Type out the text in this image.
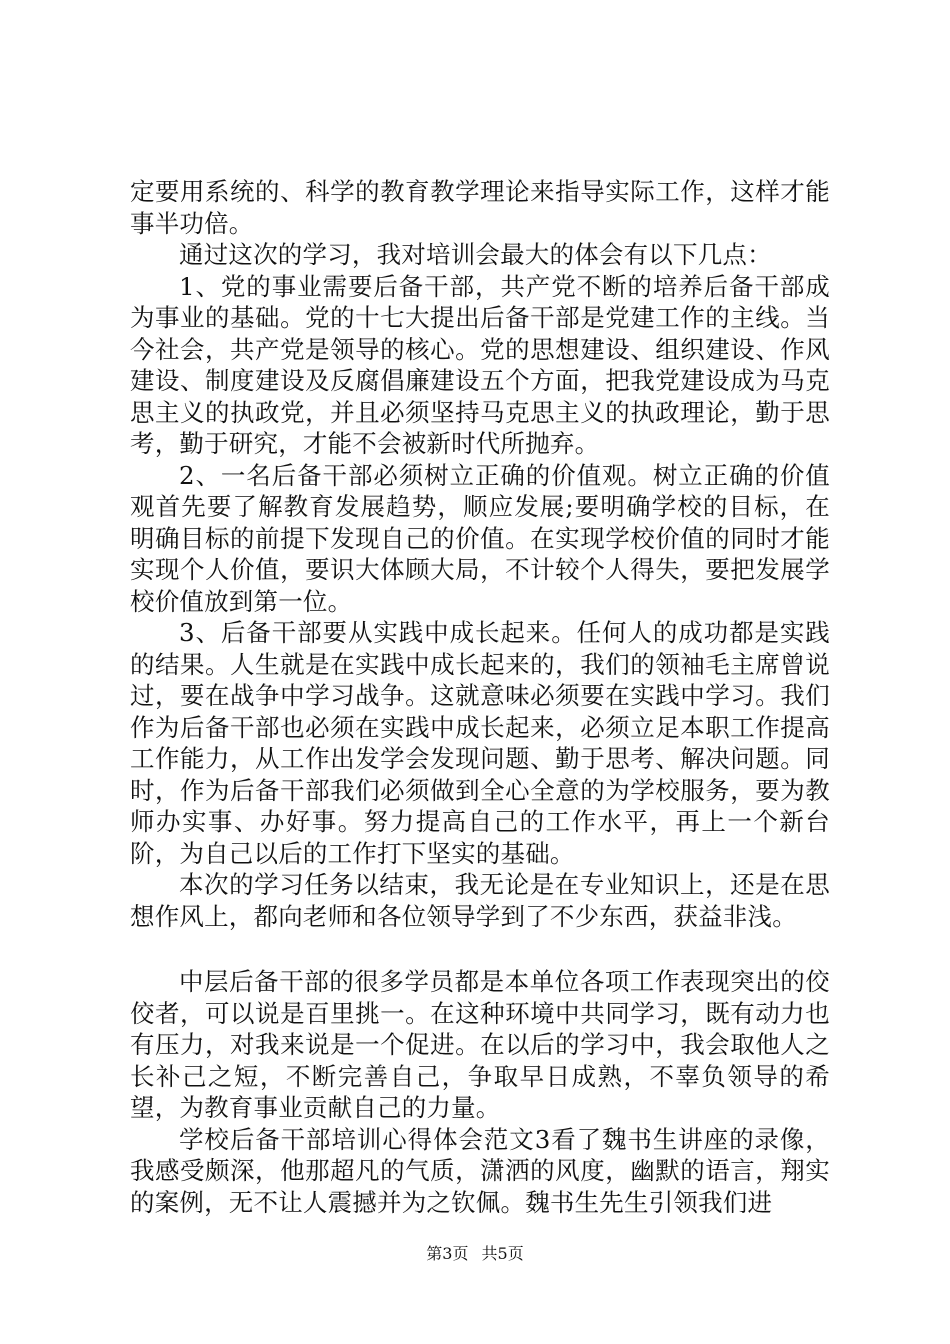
定要用系统的、科学的教育教学理论来指导实际工作，这样才能事半功倍。

通过这次的学习，我对培训会最大的体会有以下几点：

1、党的事业需要后备干部，共产党不断的培养后备干部成为事业的基础。党的十七大提出后备干部是党建工作的主线。当今社会，共产党是领导的核心。党的思想建设、组织建设、作风建设、制度建设及反腐倡廉建设五个方面，把我党建设成为马克思主义的执政党，并且必须坚持马克思主义的执政理论，勤于思考，勤于研究，才能不会被新时代所抛弃。

2、一名后备干部必须树立正确的价值观。树立正确的价值观首先要了解教育发展趋势，顺应发展;要明确学校的目标，在明确目标的前提下发现自己的价值。在实现学校价值的同时才能实现个人价值，要识大体顾大局，不计较个人得失，要把发展学校价值放到第一位。

3、后备干部要从实践中成长起来。任何人的成功都是实践的结果。人生就是在实践中成长起来的，我们的领袖毛主席曾说过，要在战争中学习战争。这就意味必须要在实践中学习。我们作为后备干部也必须在实践中成长起来，必须立足本职工作提高工作能力，从工作出发学会发现问题、勤于思考、解决问题。同时，作为后备干部我们必须做到全心全意的为学校服务，要为教师办实事、办好事。努力提高自己的工作水平，再上一个新台阶，为自己以后的工作打下坚实的基础。

本次的学习任务以结束，我无论是在专业知识上，还是在思想作风上，都向老师和各位领导学到了不少东西，获益非浅。

中层后备干部的很多学员都是本单位各项工作表现突出的佼佼者，可以说是百里挑一。在这种环境中共同学习，既有动力也有压力，对我来说是一个促进。在以后的学习中，我会取他人之长补己之短，不断完善自己，争取早日成熟，不辜负领导的希望，为教育事业贡献自己的力量。

学校后备干部培训心得体会范文3看了魏书生讲座的录像，我感受颇深，他那超凡的气质，潇洒的风度，幽默的语言，翔实的案例，无不让人震撼并为之钦佩。魏书生先生引领我们进

第3页 共5页
